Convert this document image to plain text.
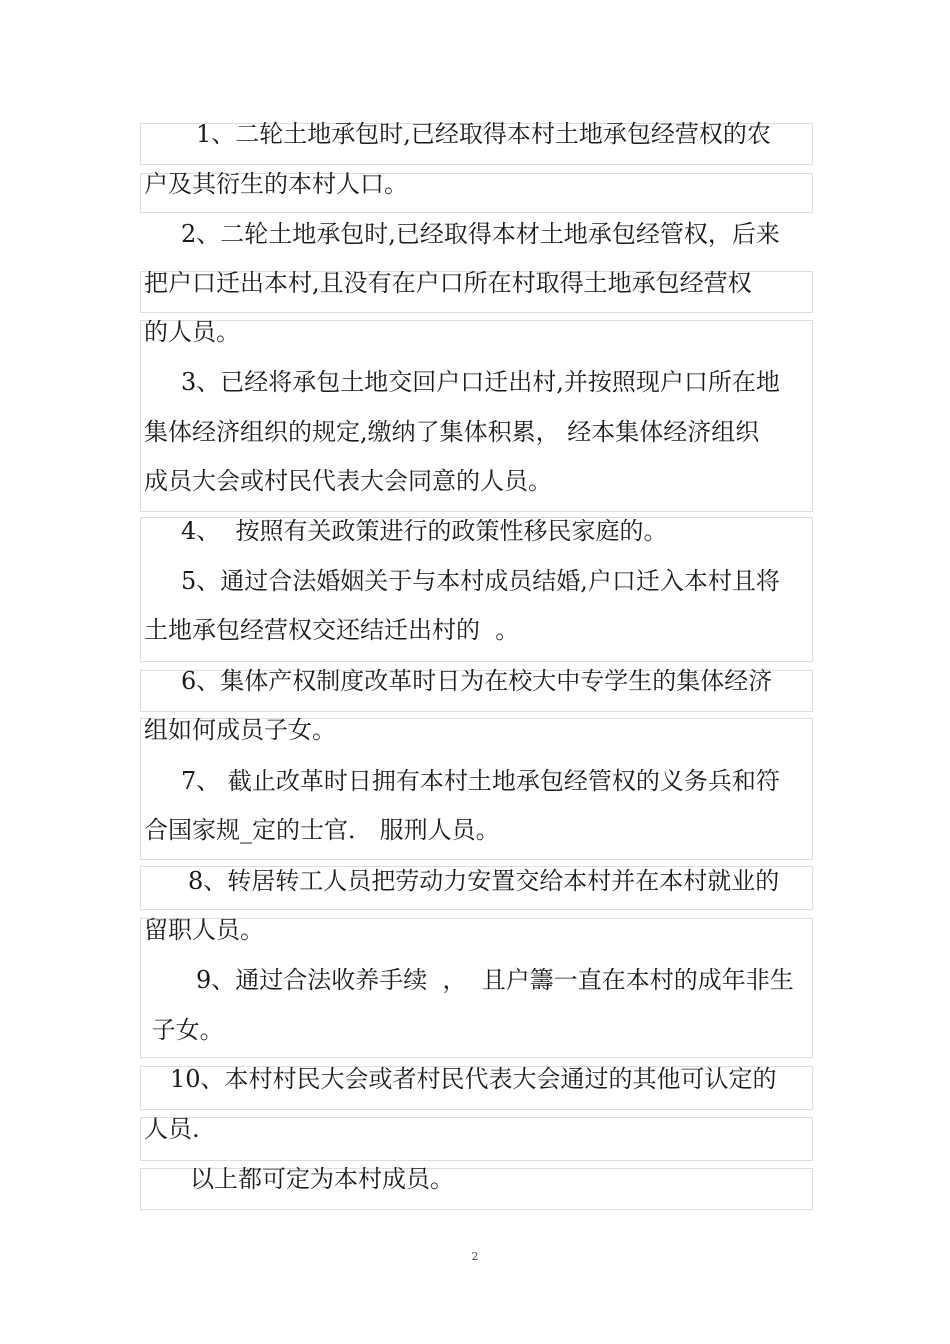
1、二轮土地承包时,已经取得本村土地承包经营权的农
户及其衍生的本村人口。
2、二轮土地承包时,已经取得本材土地承包经管权，后来
把户口迁出本村,且没有在户口所在村取得土地承包经营权
的人员。
3、已经将承包土地交回户口迁出村,并按照现户口所在地
集体经济组织的规定,缴纳了集体积累， 经本集体经济组织
成员大会或村民代表大会同意的人员。
4、  按照有关政策进行的政策性移民家庭的。
5、通过合法婚姻关于与本村成员结婚,户口迁入本村且将
土地承包经营权交还结迁出村的  。
6、集体产权制度改革时日为在校大中专学生的集体经济
组如何成员子女。
7、 截止改革时日拥有本村土地承包经管权的义务兵和符
合国家规_定的士官． 服刑人员。
8、转居转工人员把劳动力安置交给本村并在本村就业的
留职人员。
9、通过合法收养手续  ，  且户籌一直在本村的成年非生
子女。
10、本村村民大会或者村民代表大会通过的其他可认定的
人员.
以上都可定为本村成员。
2
